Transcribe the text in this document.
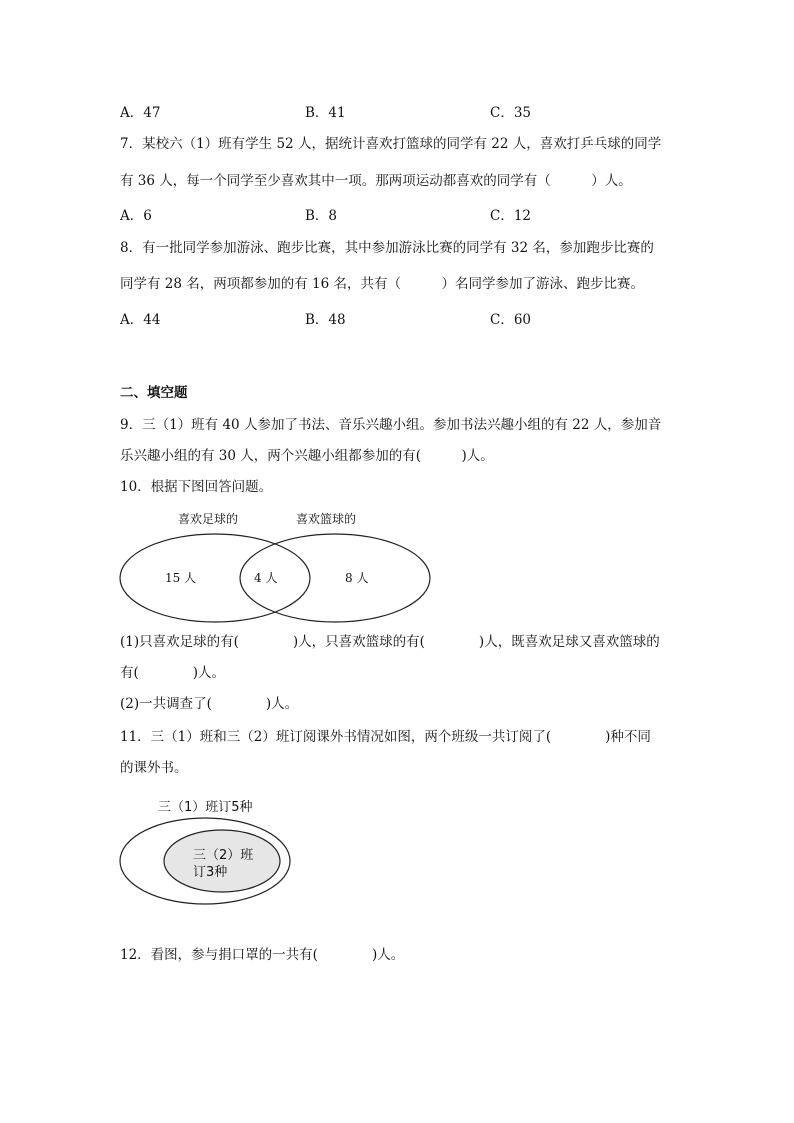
A．47	B．41	C．35
7．某校六（1）班有学生 52 人，据统计喜欢打篮球的同学有 22 人，喜欢打乒乓球的同学
有 36 人，每一个同学至少喜欢其中一项。那两项运动都喜欢的同学有（　　　）人。
A．6	B．8	C．12
8．有一批同学参加游泳、跑步比赛，其中参加游泳比赛的同学有 32 名，参加跑步比赛的
同学有 28 名，两项都参加的有 16 名，共有（　　　）名同学参加了游泳、跑步比赛。
A．44	B．48	C．60
二、填空题
9．三（1）班有 40 人参加了书法、音乐兴趣小组。参加书法兴趣小组的有 22 人，参加音
乐兴趣小组的有 30 人，两个兴趣小组都参加的有(　　　)人。
10．根据下图回答问题。
喜欢足球的	喜欢篮球的
15 人	4 人	8 人
(1)只喜欢足球的有(　　　　)人，只喜欢篮球的有(　　　　)人，既喜欢足球又喜欢篮球的
有(　　　　)人。
(2)一共调查了(　　　　)人。
11．三（1）班和三（2）班订阅课外书情况如图，两个班级一共订阅了(　　　　)种不同
的课外书。
三（1）班订5种
三（2）班
订3种
12．看图，参与捐口罩的一共有(　　　　)人。
